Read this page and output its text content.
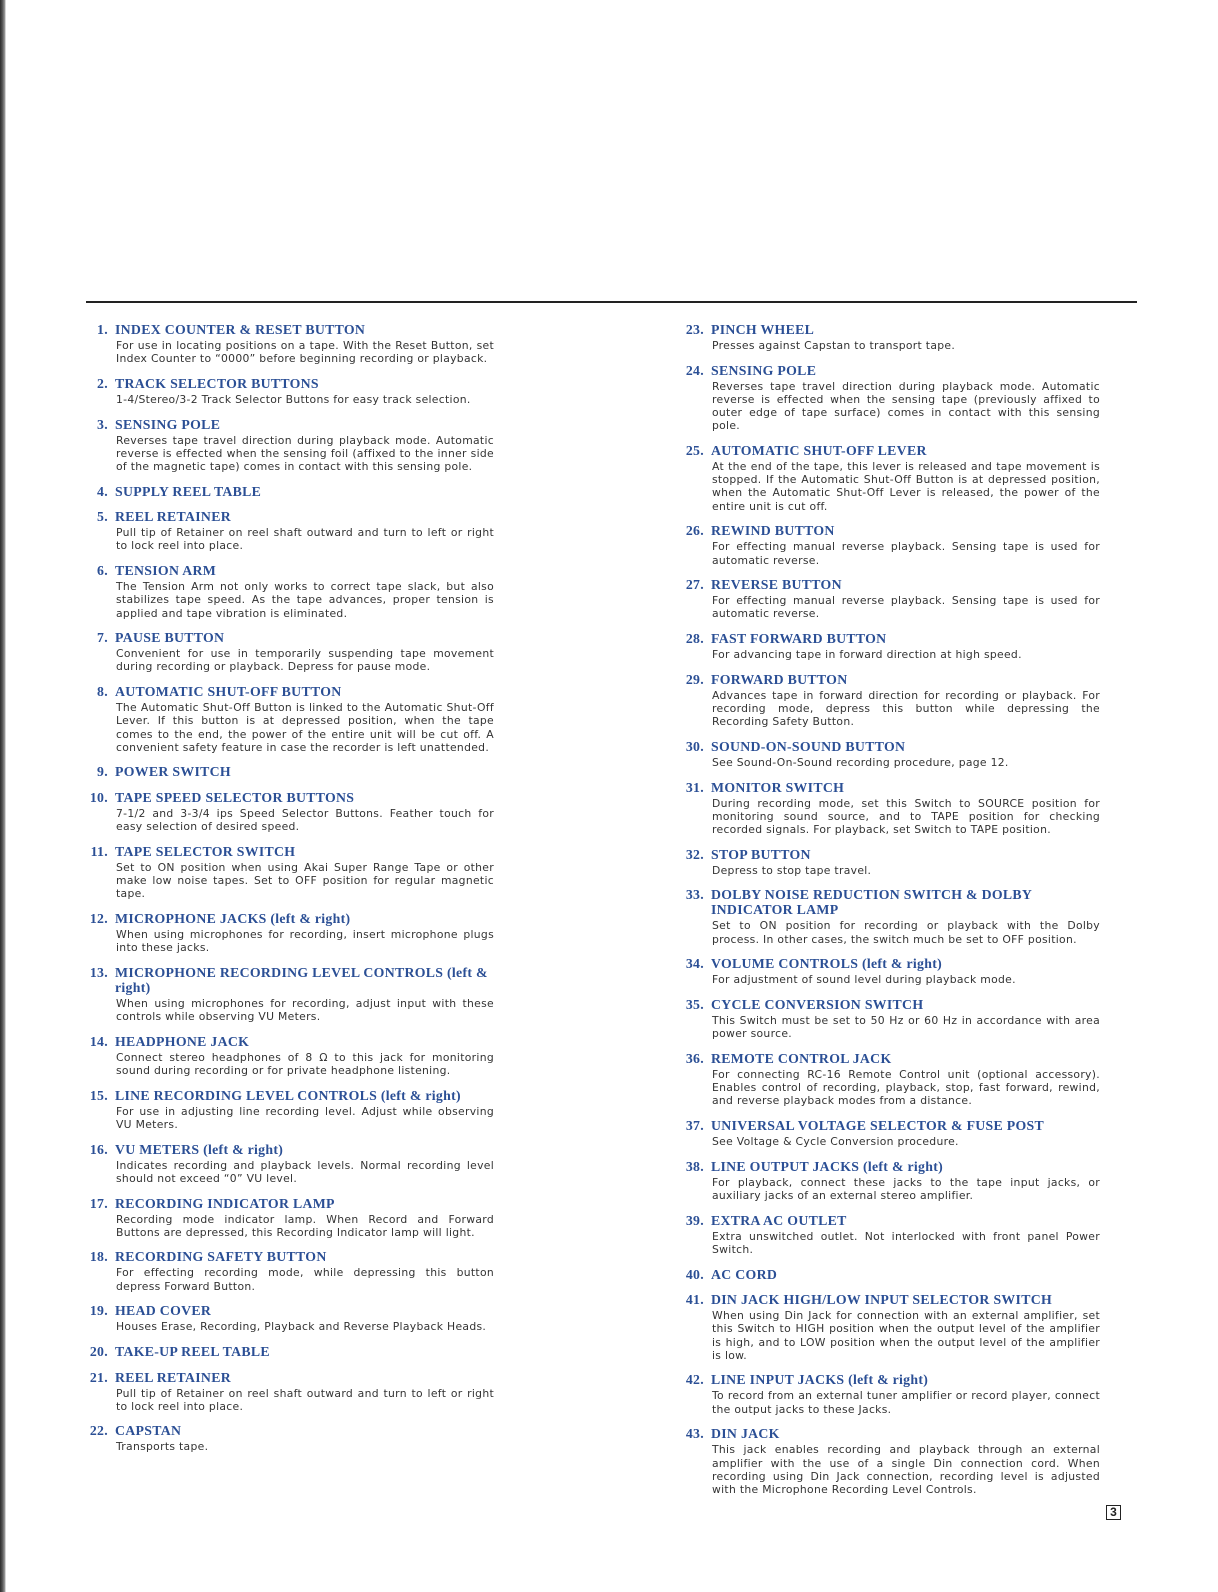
1. INDEX COUNTER & RESET BUTTON
For use in locating positions on a tape. With the Reset Button, set Index Counter to “0000” before beginning recording or playback.
2. TRACK SELECTOR BUTTONS
1-4/Stereo/3-2 Track Selector Buttons for easy track selection.
3. SENSING POLE
Reverses tape travel direction during playback mode. Automatic reverse is effected when the sensing foil (affixed to the inner side of the magnetic tape) comes in contact with this sensing pole.
4. SUPPLY REEL TABLE
5. REEL RETAINER
Pull tip of Retainer on reel shaft outward and turn to left or right to lock reel into place.
6. TENSION ARM
The Tension Arm not only works to correct tape slack, but also stabilizes tape speed. As the tape advances, proper tension is applied and tape vibration is eliminated.
7. PAUSE BUTTON
Convenient for use in temporarily suspending tape movement during recording or playback. Depress for pause mode.
8. AUTOMATIC SHUT-OFF BUTTON
The Automatic Shut-Off Button is linked to the Automatic Shut-Off Lever. If this button is at depressed position, when the tape comes to the end, the power of the entire unit will be cut off. A convenient safety feature in case the recorder is left unattended.
9. POWER SWITCH
10. TAPE SPEED SELECTOR BUTTONS
7-1/2 and 3-3/4 ips Speed Selector Buttons. Feather touch for easy selection of desired speed.
11. TAPE SELECTOR SWITCH
Set to ON position when using Akai Super Range Tape or other make low noise tapes. Set to OFF position for regular magnetic tape.
12. MICROPHONE JACKS (left & right)
When using microphones for recording, insert microphone plugs into these jacks.
13. MICROPHONE RECORDING LEVEL CONTROLS (left & right)
When using microphones for recording, adjust input with these controls while observing VU Meters.
14. HEADPHONE JACK
Connect stereo headphones of 8 Ω to this jack for monitoring sound during recording or for private headphone listening.
15. LINE RECORDING LEVEL CONTROLS (left & right)
For use in adjusting line recording level. Adjust while observing VU Meters.
16. VU METERS (left & right)
Indicates recording and playback levels. Normal recording level should not exceed “0” VU level.
17. RECORDING INDICATOR LAMP
Recording mode indicator lamp. When Record and Forward Buttons are depressed, this Recording Indicator lamp will light.
18. RECORDING SAFETY BUTTON
For effecting recording mode, while depressing this button depress Forward Button.
19. HEAD COVER
Houses Erase, Recording, Playback and Reverse Playback Heads.
20. TAKE-UP REEL TABLE
21. REEL RETAINER
Pull tip of Retainer on reel shaft outward and turn to left or right to lock reel into place.
22. CAPSTAN
Transports tape.
23. PINCH WHEEL
Presses against Capstan to transport tape.
24. SENSING POLE
Reverses tape travel direction during playback mode. Automatic reverse is effected when the sensing tape (previously affixed to outer edge of tape surface) comes in contact with this sensing pole.
25. AUTOMATIC SHUT-OFF LEVER
At the end of the tape, this lever is released and tape movement is stopped. If the Automatic Shut-Off Button is at depressed position, when the Automatic Shut-Off Lever is released, the power of the entire unit is cut off.
26. REWIND BUTTON
For effecting manual reverse playback. Sensing tape is used for automatic reverse.
27. REVERSE BUTTON
For effecting manual reverse playback. Sensing tape is used for automatic reverse.
28. FAST FORWARD BUTTON
For advancing tape in forward direction at high speed.
29. FORWARD BUTTON
Advances tape in forward direction for recording or playback. For recording mode, depress this button while depressing the Recording Safety Button.
30. SOUND-ON-SOUND BUTTON
See Sound-On-Sound recording procedure, page 12.
31. MONITOR SWITCH
During recording mode, set this Switch to SOURCE position for monitoring sound source, and to TAPE position for checking recorded signals. For playback, set Switch to TAPE position.
32. STOP BUTTON
Depress to stop tape travel.
33. DOLBY NOISE REDUCTION SWITCH & DOLBY INDICATOR LAMP
Set to ON position for recording or playback with the Dolby process. In other cases, the switch much be set to OFF position.
34. VOLUME CONTROLS (left & right)
For adjustment of sound level during playback mode.
35. CYCLE CONVERSION SWITCH
This Switch must be set to 50 Hz or 60 Hz in accordance with area power source.
36. REMOTE CONTROL JACK
For connecting RC-16 Remote Control unit (optional accessory). Enables control of recording, playback, stop, fast forward, rewind, and reverse playback modes from a distance.
37. UNIVERSAL VOLTAGE SELECTOR & FUSE POST
See Voltage & Cycle Conversion procedure.
38. LINE OUTPUT JACKS (left & right)
For playback, connect these jacks to the tape input jacks, or auxiliary jacks of an external stereo amplifier.
39. EXTRA AC OUTLET
Extra unswitched outlet. Not interlocked with front panel Power Switch.
40. AC CORD
41. DIN JACK HIGH/LOW INPUT SELECTOR SWITCH
When using Din Jack for connection with an external amplifier, set this Switch to HIGH position when the output level of the amplifier is high, and to LOW position when the output level of the amplifier is low.
42. LINE INPUT JACKS (left & right)
To record from an external tuner amplifier or record player, connect the output jacks to these Jacks.
43. DIN JACK
This jack enables recording and playback through an external amplifier with the use of a single Din connection cord. When recording using Din Jack connection, recording level is adjusted with the Microphone Recording Level Controls.
3
